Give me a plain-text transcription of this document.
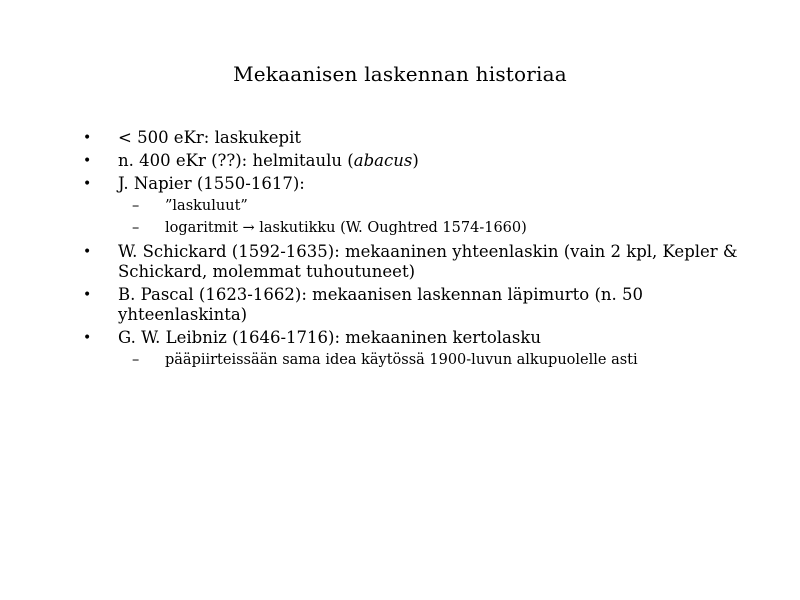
Mekaanisen laskennan historiaa
• < 500 eKr: laskukepit
• n. 400 eKr (??): helmitaulu (abacus)
• J. Napier (1550-1617):
– ”laskuluut”
– logaritmit → laskutikku (W. Oughtred 1574-1660)
• W. Schickard (1592-1635): mekaaninen yhteenlaskin (vain 2 kpl, Kepler & Schickard, molemmat tuhoutuneet)
• B. Pascal (1623-1662): mekaanisen laskennan läpimurto (n. 50 yhteenlaskinta)
• G. W. Leibniz (1646-1716): mekaaninen kertolasku
– pääpiirteissään sama idea käytössä 1900-luvun alkupuolelle asti
